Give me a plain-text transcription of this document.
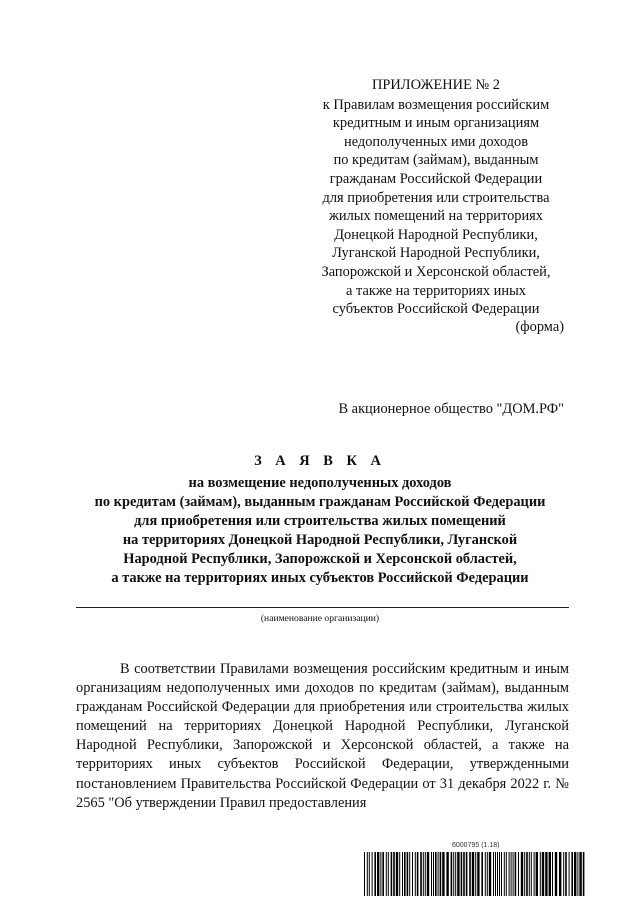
ПРИЛОЖЕНИЕ № 2
к Правилам возмещения российским
кредитным и иным организациям
недополученных ими доходов
по кредитам (займам), выданным
гражданам Российской Федерации
для приобретения или строительства
жилых помещений на территориях
Донецкой Народной Республики,
Луганской Народной Республики,
Запорожской и Херсонской областей,
а также на территориях иных
субъектов Российской Федерации
(форма)
В акционерное общество "ДОМ.РФ"
З А Я В К А
на возмещение недополученных доходов
по кредитам (займам), выданным гражданам Российской Федерации
для приобретения или строительства жилых помещений
на территориях Донецкой Народной Республики, Луганской
Народной Республики, Запорожской и Херсонской областей,
а также на территориях иных субъектов Российской Федерации
(наименование организации)
В соответствии Правилами возмещения российским кредитным и иным организациям недополученных ими доходов по кредитам (займам), выданным гражданам Российской Федерации для приобретения или строительства жилых помещений на территориях Донецкой Народной Республики, Луганской Народной Республики, Запорожской и Херсонской областей, а также на территориях иных субъектов Российской Федерации, утвержденными постановлением Правительства Российской Федерации от 31 декабря 2022 г. № 2565 "Об утверждении Правил предоставления
6000795 (1.18)
